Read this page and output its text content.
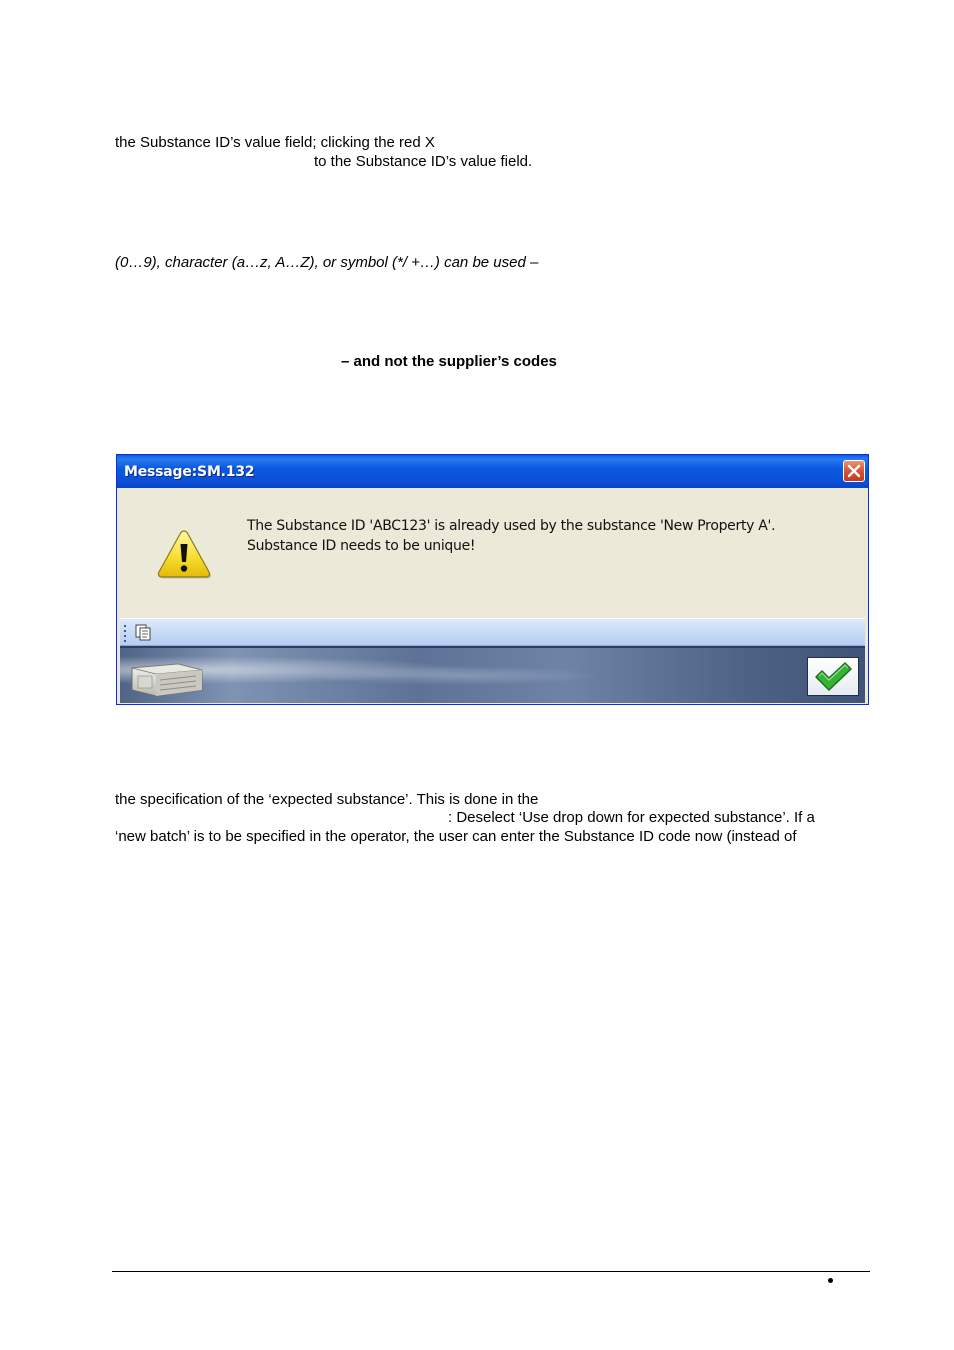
the Substance ID’s value field; clicking the red X
to the Substance ID’s value field.
(0…9), character (a…z, A…Z), or symbol (*/ +…) can be used –
– and not the supplier’s codes
Message:SM.132
The Substance ID 'ABC123' is already used by the substance 'New Property A'.
Substance ID needs to be unique!
the specification of the ‘expected substance’. This is done in the
: Deselect ‘Use drop down for expected substance’. If a
‘new batch’ is to be specified in the operator, the user can enter the Substance ID code now (instead of
